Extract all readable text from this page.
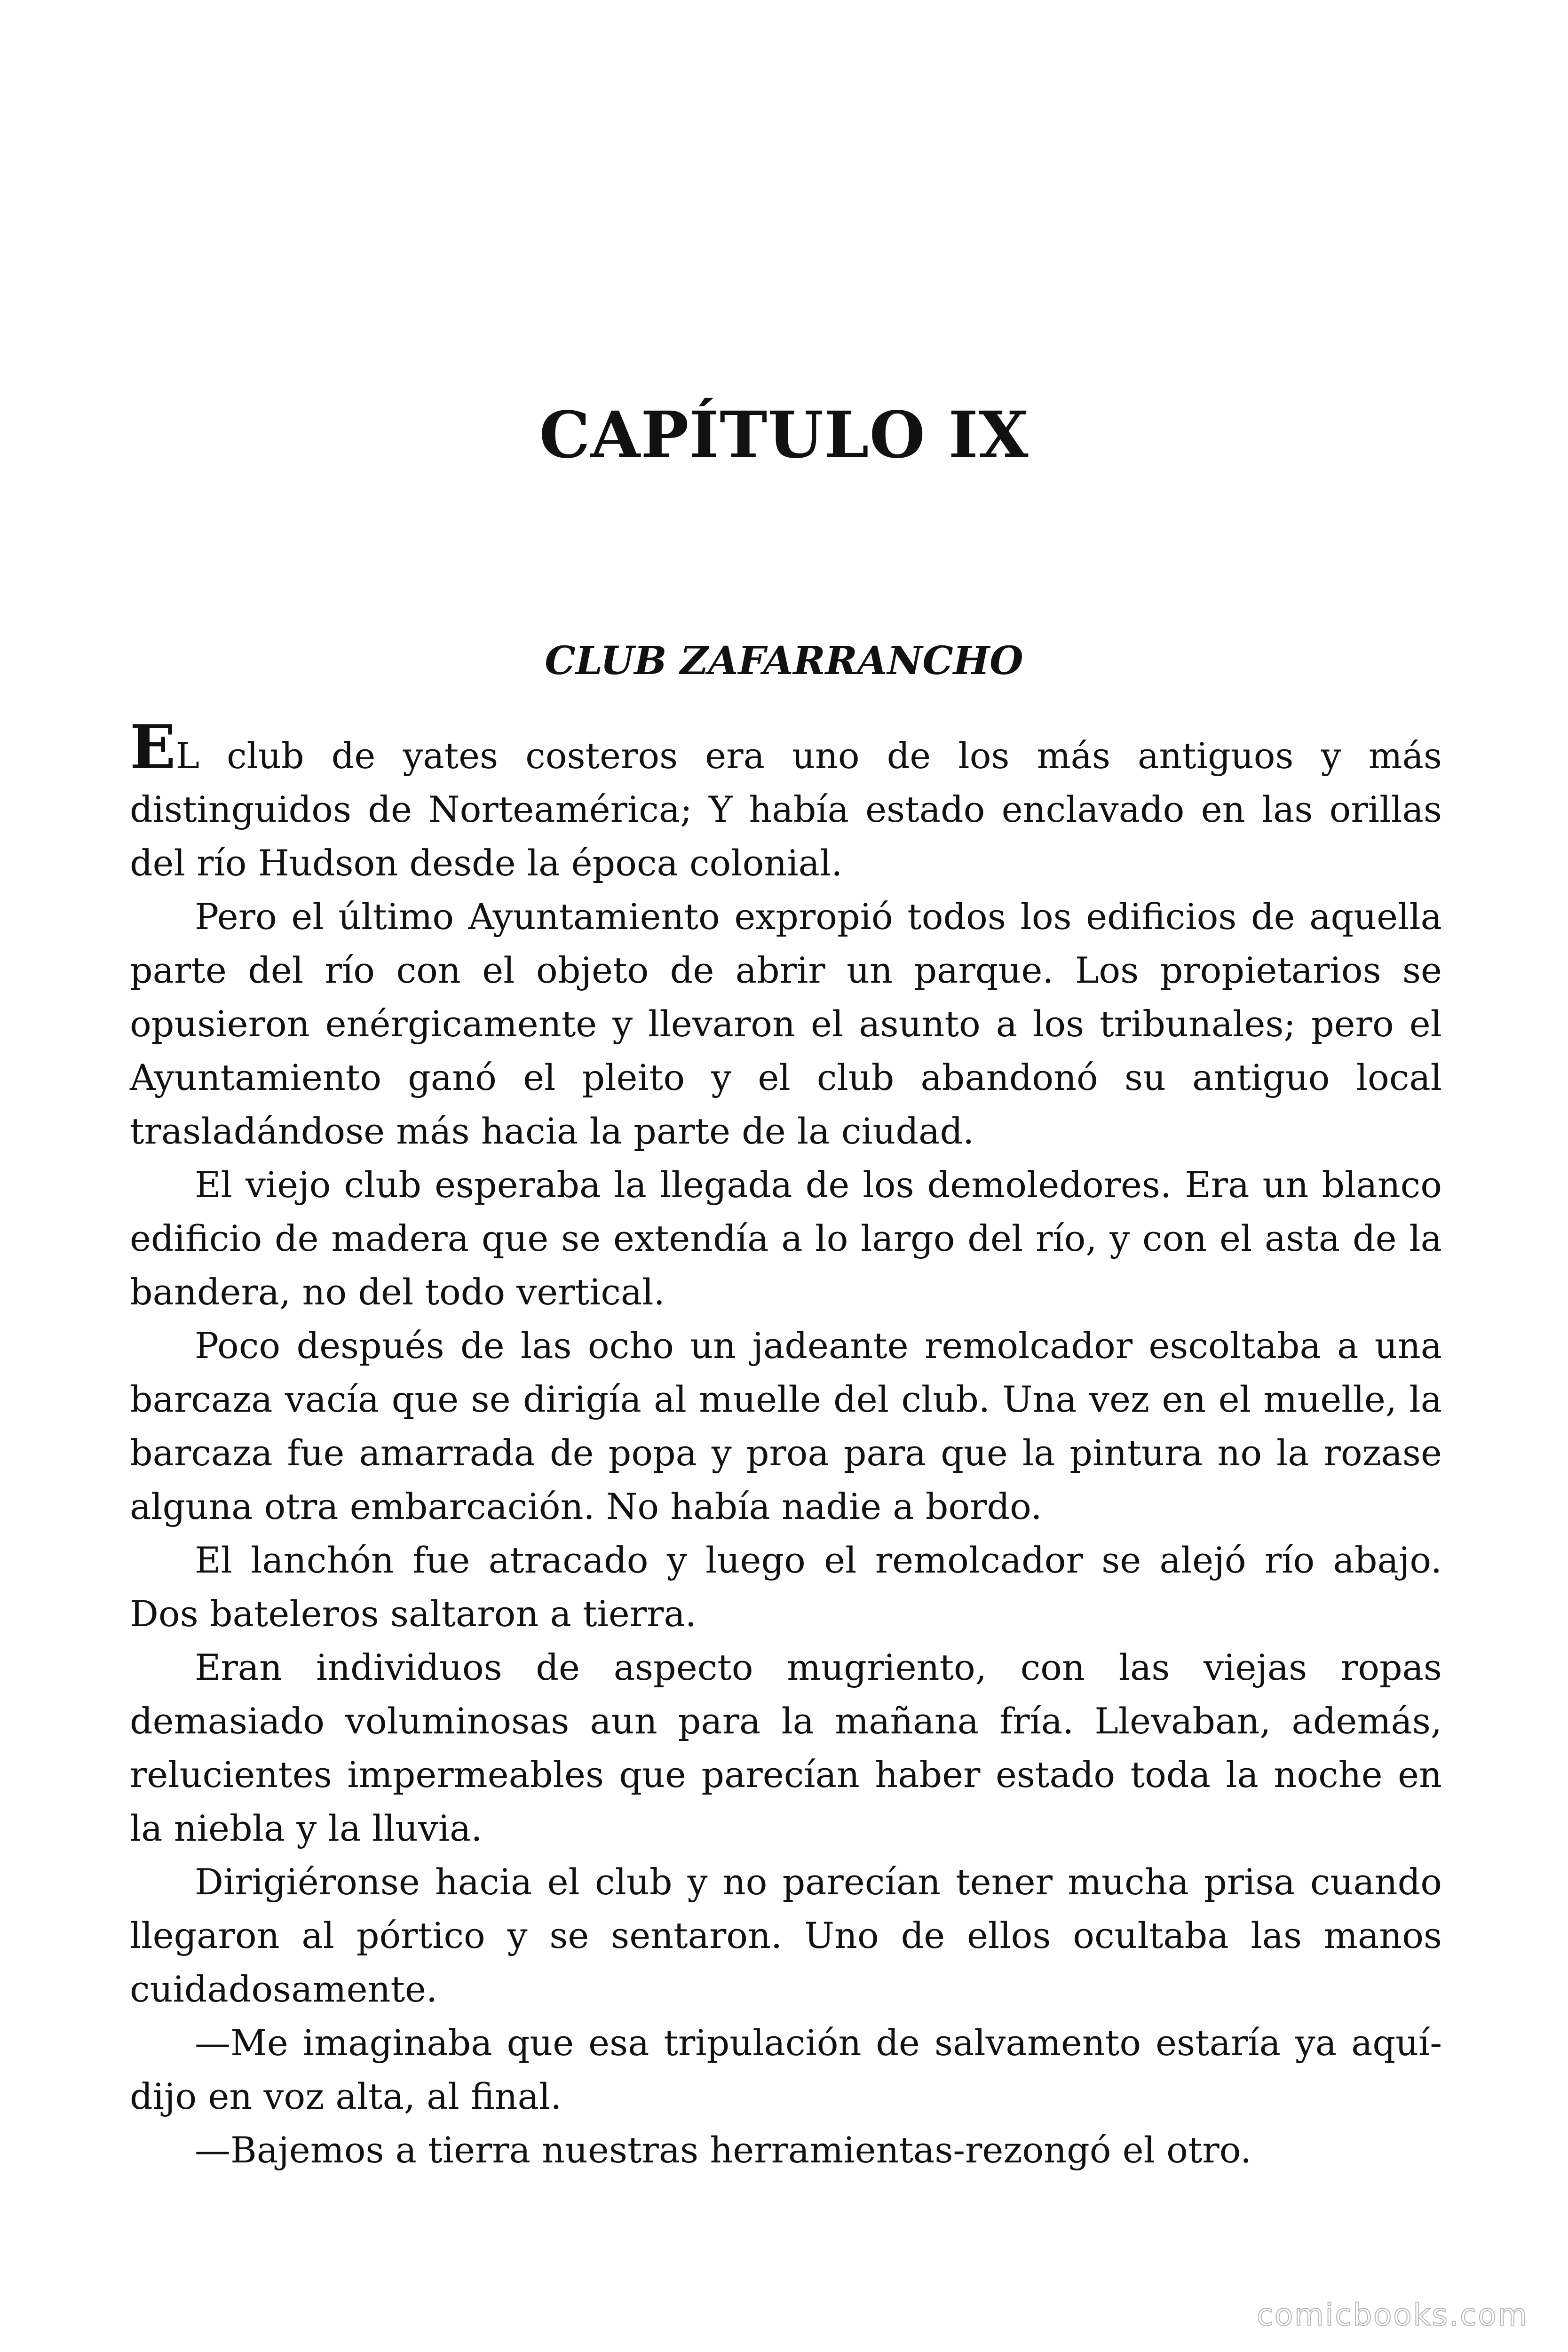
CAPÍTULO IX
CLUB ZAFARRANCHO

EL club de yates costeros era uno de los más antiguos y más distinguidos de Norteamérica; Y había estado enclavado en las orillas del río Hudson desde la época colonial.

Pero el último Ayuntamiento expropió todos los edificios de aquella parte del río con el objeto de abrir un parque. Los propietarios se opusieron enérgicamente y llevaron el asunto a los tribunales; pero el Ayuntamiento ganó el pleito y el club abandonó su antiguo local trasladándose más hacia la parte de la ciudad.

El viejo club esperaba la llegada de los demoledores. Era un blanco edificio de madera que se extendía a lo largo del río, y con el asta de la bandera, no del todo vertical.

Poco después de las ocho un jadeante remolcador escoltaba a una barcaza vacía que se dirigía al muelle del club. Una vez en el muelle, la barcaza fue amarrada de popa y proa para que la pintura no la rozase alguna otra embarcación. No había nadie a bordo.

El lanchón fue atracado y luego el remolcador se alejó río abajo. Dos bateleros saltaron a tierra.

Eran individuos de aspecto mugriento, con las viejas ropas demasiado voluminosas aun para la mañana fría. Llevaban, además, relucientes impermeables que parecían haber estado toda la noche en la niebla y la lluvia.

Dirigiéronse hacia el club y no parecían tener mucha prisa cuando llegaron al pórtico y se sentaron. Uno de ellos ocultaba las manos cuidadosamente.

—Me imaginaba que esa tripulación de salvamento estaría ya aquí-dijo en voz alta, al final.

—Bajemos a tierra nuestras herramientas-rezongó el otro.

comicbooks.com
